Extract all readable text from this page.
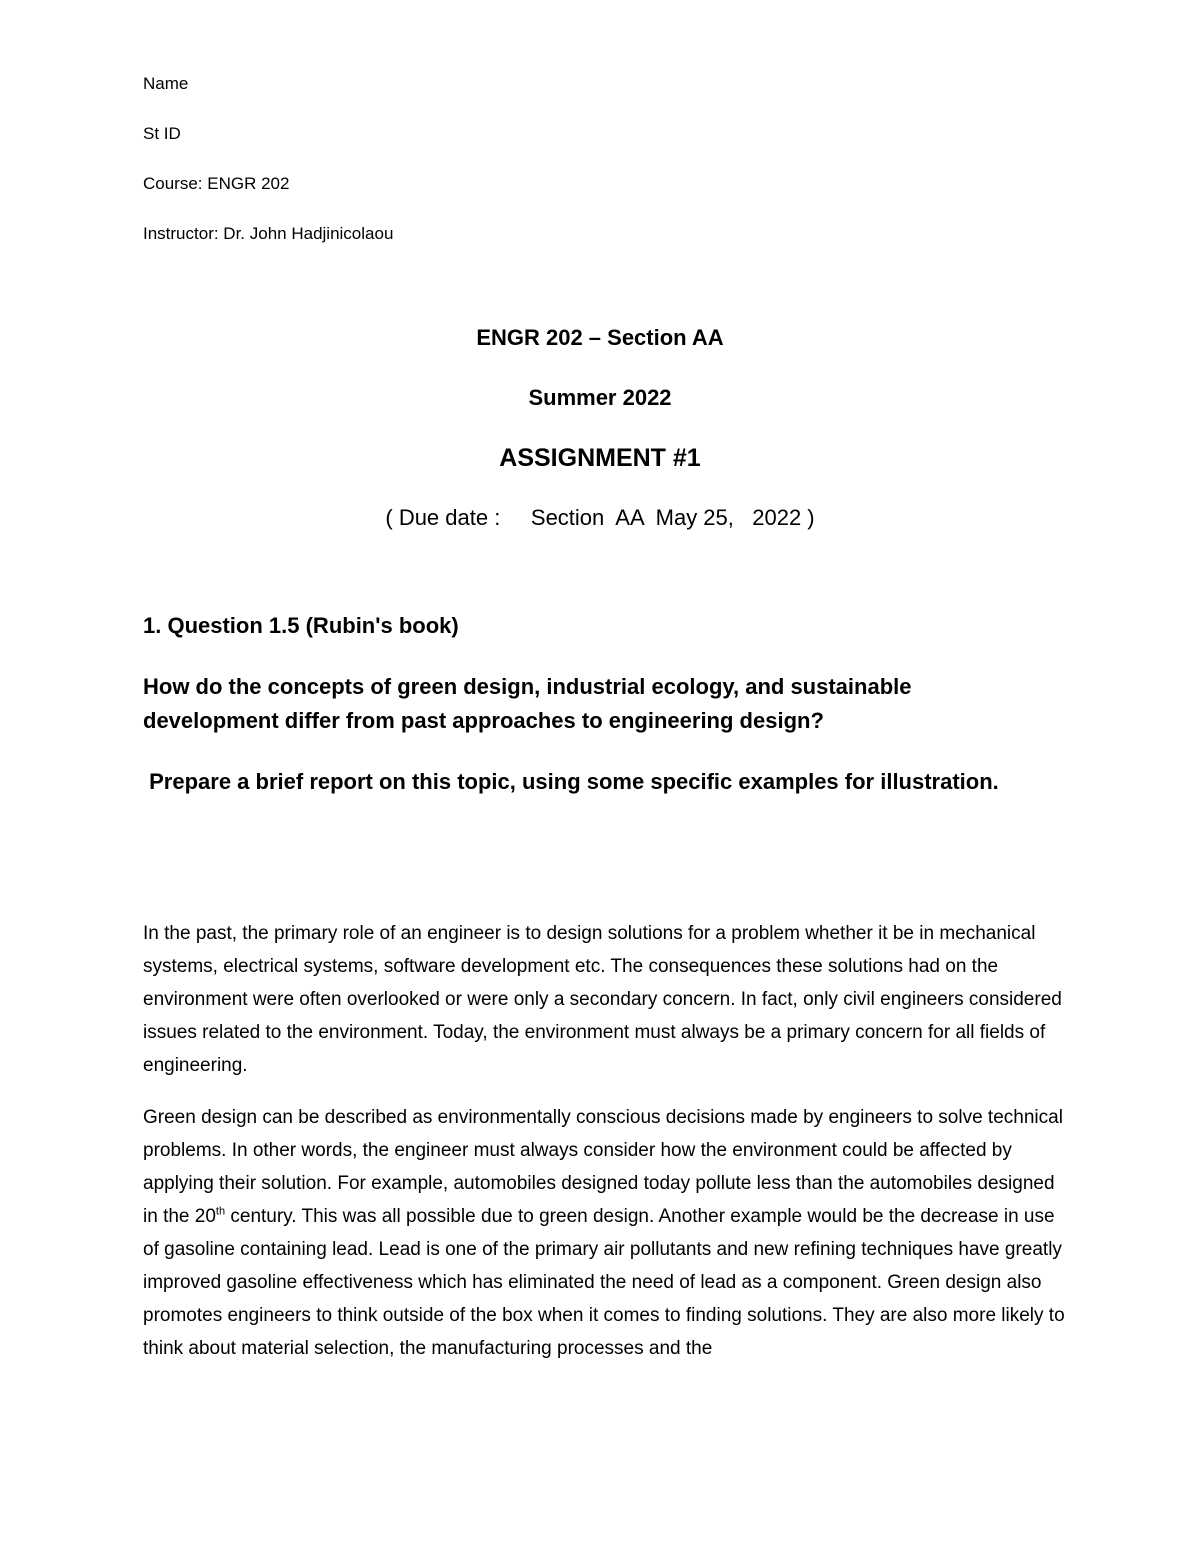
Name
St ID
Course: ENGR 202
Instructor: Dr. John Hadjinicolaou
ENGR 202 – Section AA
Summer 2022
ASSIGNMENT #1
( Due date :     Section  AA  May 25,   2022 )
1. Question 1.5 (Rubin's book)
How do the concepts of green design, industrial ecology, and sustainable development differ from past approaches to engineering design?
Prepare a brief report on this topic, using some specific examples for illustration.

In the past, the primary role of an engineer is to design solutions for a problem whether it be in mechanical systems, electrical systems, software development etc. The consequences these solutions had on the environment were often overlooked or were only a secondary concern. In fact, only civil engineers considered issues related to the environment. Today, the environment must always be a primary concern for all fields of engineering.

Green design can be described as environmentally conscious decisions made by engineers to solve technical problems. In other words, the engineer must always consider how the environment could be affected by applying their solution. For example, automobiles designed today pollute less than the automobiles designed in the 20th century. This was all possible due to green design. Another example would be the decrease in use of gasoline containing lead. Lead is one of the primary air pollutants and new refining techniques have greatly improved gasoline effectiveness which has eliminated the need of lead as a component. Green design also promotes engineers to think outside of the box when it comes to finding solutions. They are also more likely to think about material selection, the manufacturing processes and the
